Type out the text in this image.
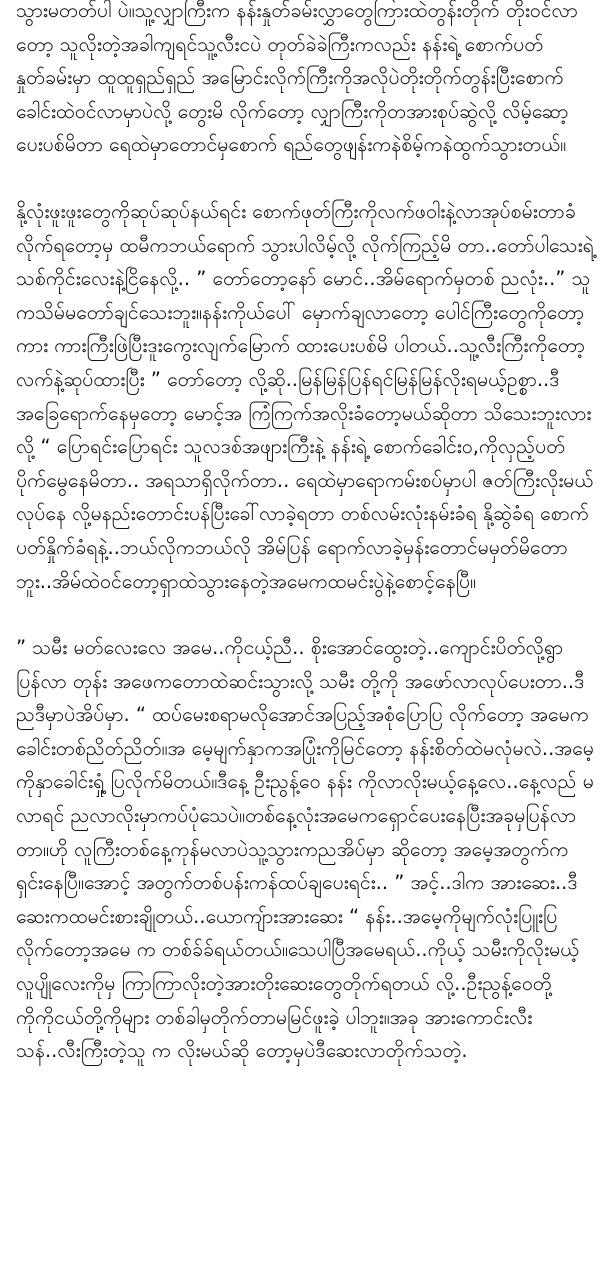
သွားမတတ်ပါ ပဲ။သူ့လျှာကြီးက နန်းနှုတ်ခမ်းလွှာတွေကြားထဲတွန်းတိုက် တိုးဝင်လာတော့ သူလိုးတဲ့အခါကျရင်သူ့လီးငပဲ တုတ်ခဲခဲကြီးကလည်း နန်းရဲ့ စောက်ပတ်နှုတ်ခမ်းမှာ ထူထူရှည်ရှည် အမြောင်းလိုက်ကြီးကိုအလိုပဲတိုးတိုက်တွန်းပြီးစောက်ခေါင်းထဲဝင်လာမှာပဲလို့ တွေးမိ လိုက်တော့ လျှာကြီးကိုတအားစုပ်ဆွဲလို့ လိမ့်ဆော့ပေးပစ်မိတာ ရေထဲမှာတောင်မှစောက် ရည်တွေဖျန်းကနဲစိမ့်ကနဲထွက်သွားတယ်။

နို့လုံးဖူးဖူးတွေကိုဆုပ်ဆုပ်နယ်ရင်း စောက်ဖုတ်ကြီးကိုလက်ဖဝါးနဲ့လာအုပ်စမ်းတာခံလိုက်ရတော့မှ ထမီကဘယ်ရောက် သွားပါလိမ့်လို့ လိုက်ကြည့်မိ တာ..တော်ပါသေးရဲ့ သစ်ကိုင်းလေးနဲ့ငြိနေလို့.. ” တော်တော့နော် မောင်..အိမ်ရောက်မှတစ် ညလုံး..” သူကသိမ်မတော်ချင်သေးဘူး။နန်းကိုယ်ပေါ် မှောက်ချလာတော့ ပေါင်ကြီးတွေကိုတော့ကား ကားကြီးဖြဲပြီးဒူးကွေးလျက်မြောက် ထားပေးပစ်မိ ပါတယ်..သူ့လီးကြီးကိုတော့လက်နဲ့ဆုပ်ထားပြီး ” တော်တော့ လို့ဆို..မြန်မြန်ပြန်ရင်မြန်မြန်လိုးရမယ့်ဥစ္စာ..ဒီ အခြေရောက်နေမှတော့ မောင့်အ ကြံကြက်အလိုးခံတော့မယ်ဆိုတာ သိသေးဘူးလားလို့ “ ပြောရင်းပြောရင်း သူလဒစ်အဖျားကြီးနဲ့ နန်းရဲ့ စောက်ခေါင်းဝ,ကိုလှည့်ပတ်ပိုက်မွေနေမိတာ.. အရသာရှိလိုက်တာ.. ရေထဲမှာရောကမ်းစပ်မှာပါ ဇတ်ကြီးလိုးမယ် လုပ်နေ လို့မနည်းတောင်းပန်ပြီးခေါ်လာခဲ့ရတာ တစ်လမ်းလုံးနမ်းခံရ နို့ဆွဲခံရ စောက်ပတ်နှိုက်ခံရနဲ့..ဘယ်လိုကဘယ်လို အိမ်ပြန် ရောက်လာခဲ့မှန်းတောင်မမှတ်မိတောဘူး..အိမ်ထဲဝင်တော့ရှာထဲသွားနေတဲ့အမေကထမင်းပွဲနဲ့စောင့်နေပြီ။

” သမီး မတ်လေးလေ အမေ..ကိုငယ့်ညီ.. စိုးအောင်ထွေးတဲ့..ကျောင်းပိတ်လို့ရွာပြန်လာ တုန်း အဖေကတောထဲဆင်းသွားလို့ သမီး တို့ကို အဖော်လာလုပ်ပေးတာ..ဒီညဒီမှာပဲအိပ်မှာ. “ ထပ်မေးစရာမလိုအောင်အပြည့်အစုံပြောပြ လိုက်တော့ အမေကခေါင်းတစ်ညိတ်ညိတ်။အ မေ့မျက်နှာကအပြုံးကိုမြင်တော့ နန်းစိတ်ထဲမလုံမလဲ..အမေ့ကိုနှာခေါင်းရှုံ့ ပြလိုက်မိတယ်။ဒီနေ့ ဦးညွန့်ဝေ နန်း ကိုလာလိုးမယ့်နေ့လေ..နေ့လည် မလာရင် ညလာလိုးမှာကပ်ပုံသေပဲ။တစ်နေ့လုံးအမေကရှောင်ပေးနေပြီးအခုမှပြန်လာတာ။ဟို လူကြီးတစ်နေ့ကုန်မလာပဲသူ့သွားကညအိပ်မှာ ဆိုတော့ အမေ့အတွက်ကရှင်းနေပြီ။အောင့် အတွက်တစ်ပန်းကန်ထပ်ချပေးရင်း.. ” အင့်..ဒါက အားဆေး..ဒီဆေးကထမင်းစားချိုတယ်..ယောကျ်ားအားဆေး “ နန်း..အမေ့ကိုမျက်လုံးပြူးပြလိုက်တော့အမေ က တစ်ခ်ခ်ရယ်တယ်။သေပါပြီအမေရယ်..ကိုယ့် သမီးကိုလိုးမယ့်လူပျိုလေးကိုမှ ကြာကြာလိုးတဲ့အားတိုးဆေးတွေတိုက်ရတယ် လို့..ဦးညွန့်ဝေတို့ ကိုကိုငယ်တို့ကိုများ တစ်ခါမှတိုက်တာမမြင်ဖူးခဲ့ ပါဘူး။အခု အားကောင်းလီးသန်..လီးကြီးတဲ့သူ က လိုးမယ်ဆို တော့မှပဲဒီဆေးလာတိုက်သတဲ့.
